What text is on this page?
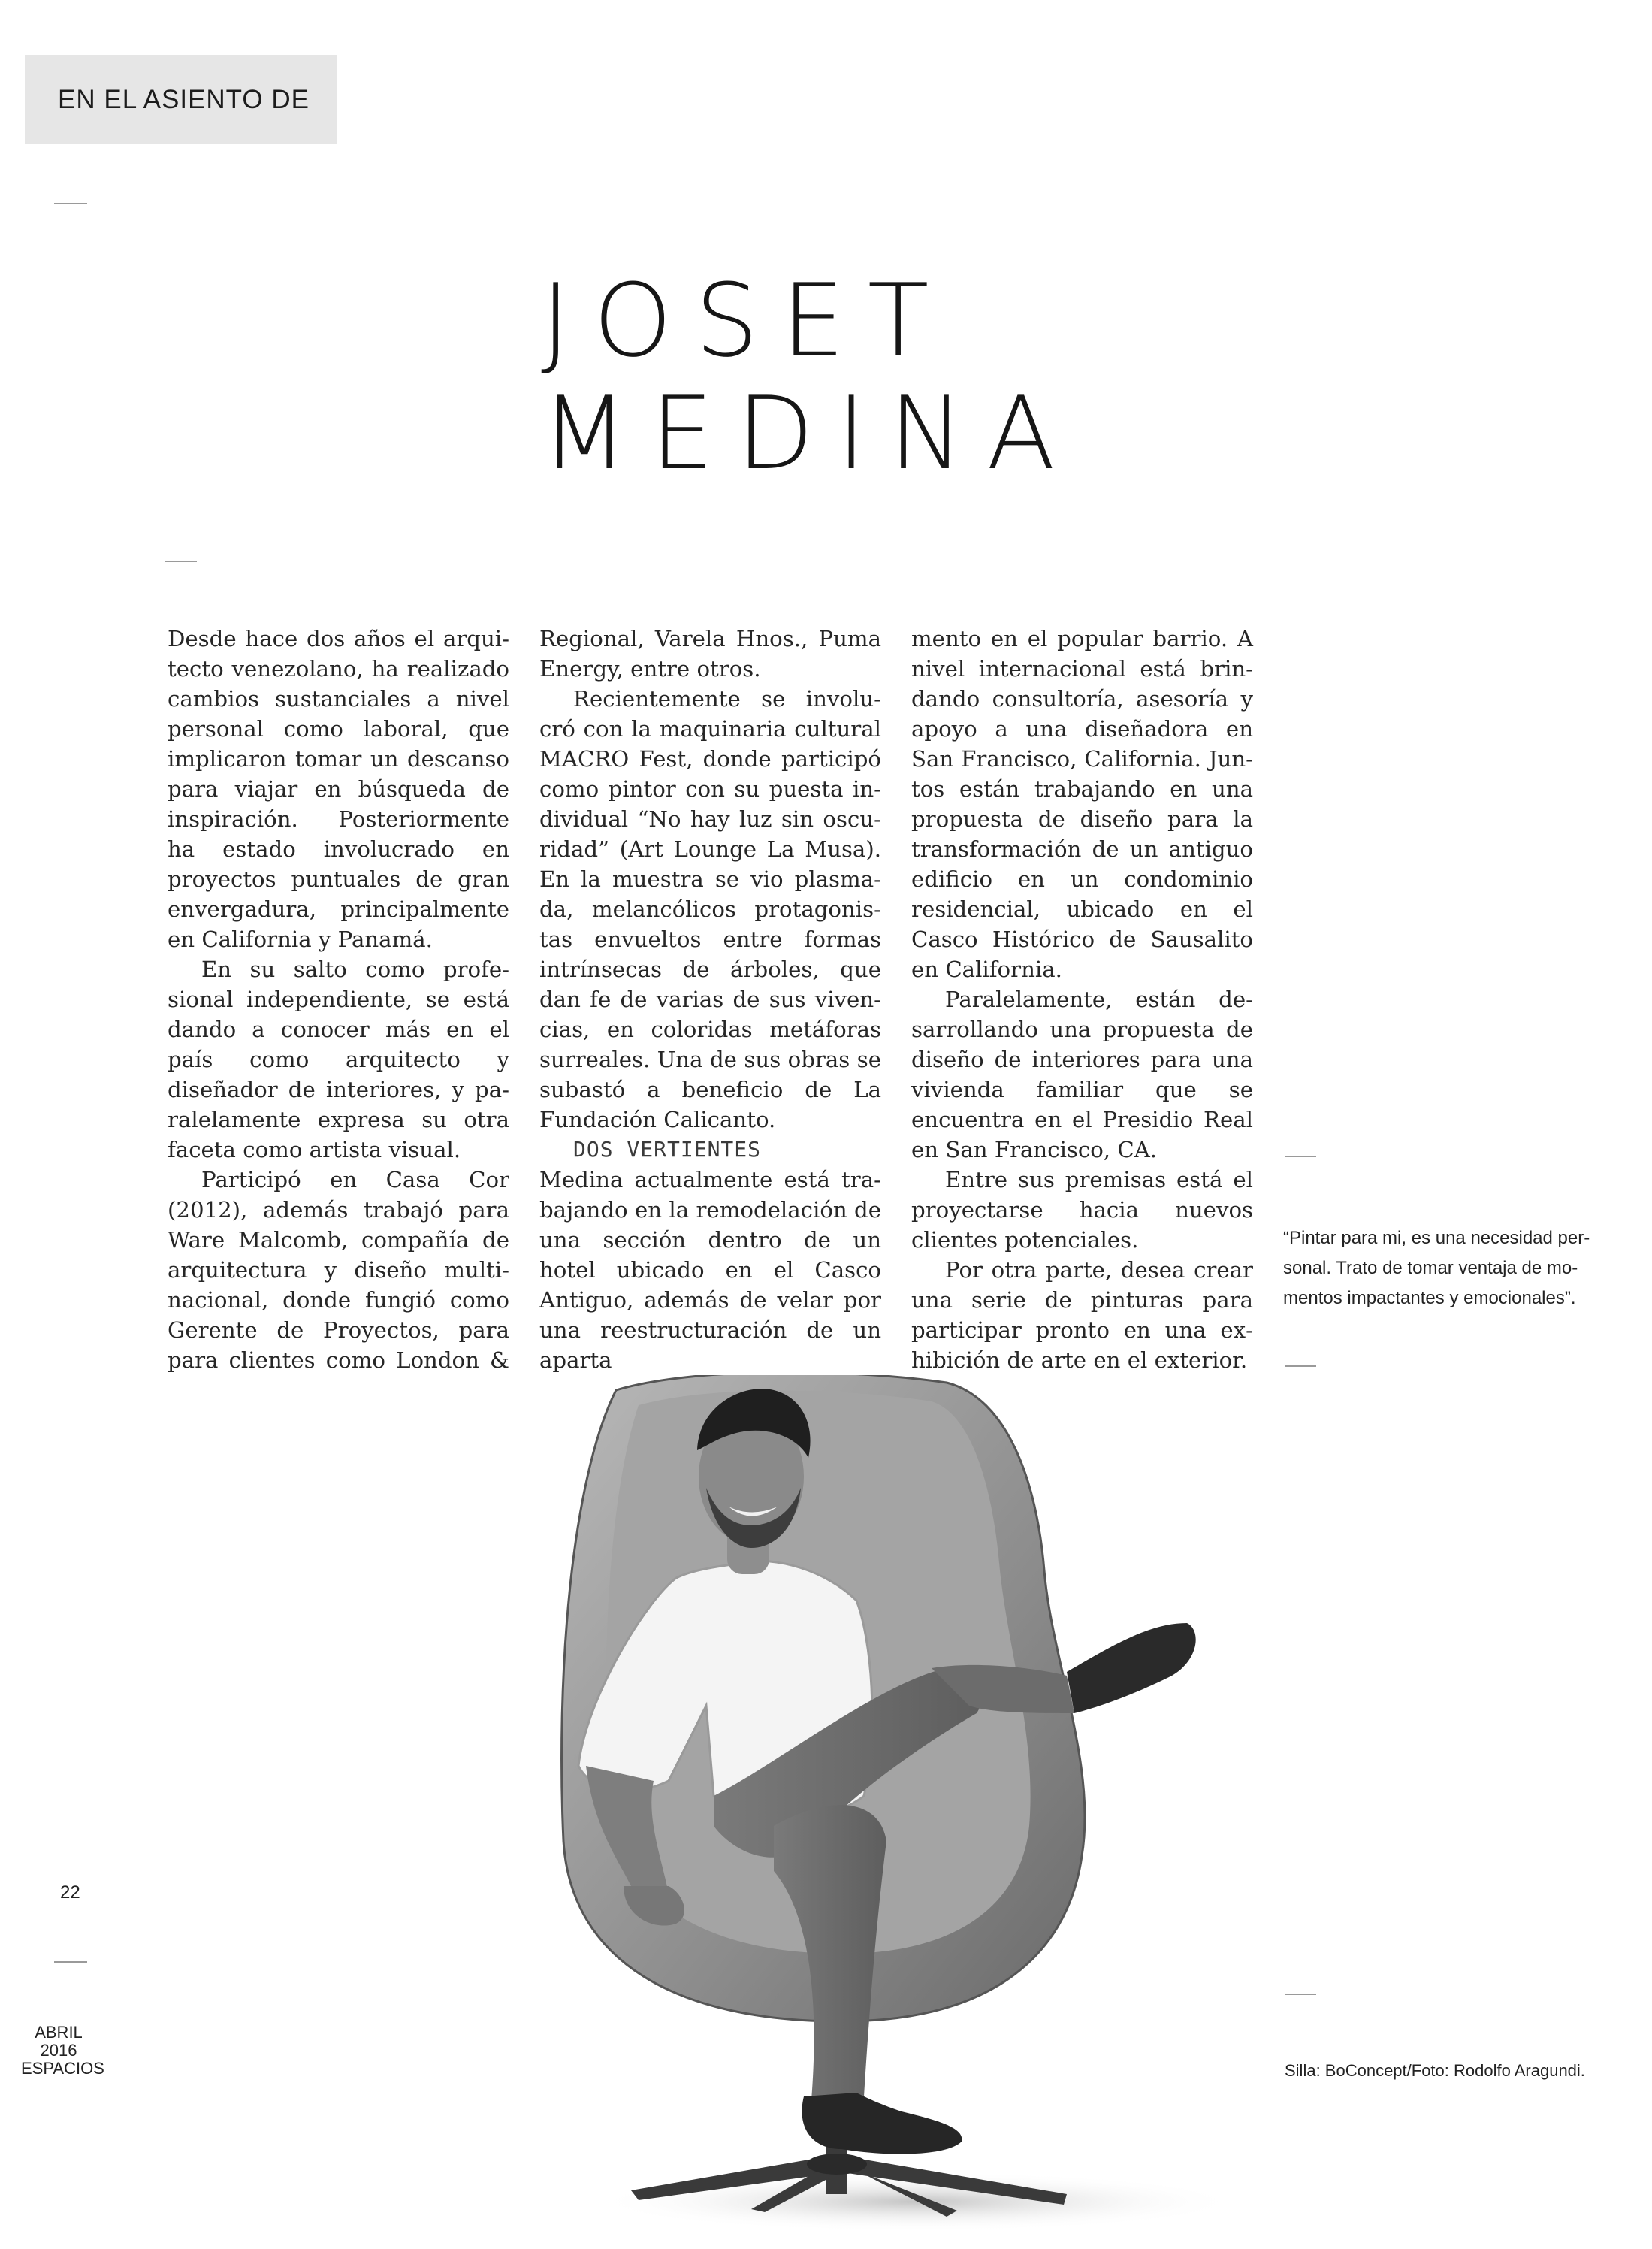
EN EL ASIENTO DE
JOSET
MEDINA

Desde hace dos años el arquitecto venezolano, ha realizado cambios sustanciales a nivel personal como laboral, que implicaron tomar un descanso para viajar en búsqueda de inspiración. Posteriormente ha estado involucrado en proyectos puntuales de gran envergadura, principalmente en California y Panamá.

En su salto como profesional independiente, se está dando a conocer más en el país como arquitecto y diseñador de interiores, y paralelamente expresa su otra faceta como artista visual.

Participó en Casa Cor (2012), además trabajó para Ware Malcomb, compañía de arquitectura y diseño multinacional, donde fungió como Gerente de Proyectos, para para clientes como London &

Regional, Varela Hnos., Puma Energy, entre otros.

Recientemente se involucró con la maquinaria cultural MACRO Fest, donde participó como pintor con su puesta individual “No hay luz sin oscuridad” (Art Lounge La Musa). En la muestra se vio plasmada, melancólicos protagonistas envueltos entre formas intrínsecas de árboles, que dan fe de varias de sus vivencias, en coloridas metáforas surreales. Una de sus obras se subastó a beneficio de La Fundación Calicanto.

DOS VERTIENTES

Medina actualmente está trabajando en la remodelación de una sección dentro de un hotel ubicado en el Casco Antiguo, además de velar por una reestructuración de un aparta

mento en el popular barrio. A nivel internacional está brindando consultoría, asesoría y apoyo a una diseñadora en San Francisco, California. Juntos están trabajando en una propuesta de diseño para la transformación de un antiguo edificio en un condominio residencial, ubicado en el Casco Histórico de Sausalito en California.

Paralelamente, están desarrollando una propuesta de diseño de interiores para una vivienda familiar que se encuentra en el Presidio Real en San Francisco, CA.

Entre sus premisas está el proyectarse hacia nuevos clientes potenciales.

Por otra parte, desea crear una serie de pinturas para participar pronto en una exhibición de arte en el exterior.

“Pintar para mi, es una necesidad personal. Trato de tomar ventaja de momentos impactantes y emocionales”.
22
ABRIL
2016
ESPACIOS	Silla: BoConcept/Foto: Rodolfo Aragundi.
